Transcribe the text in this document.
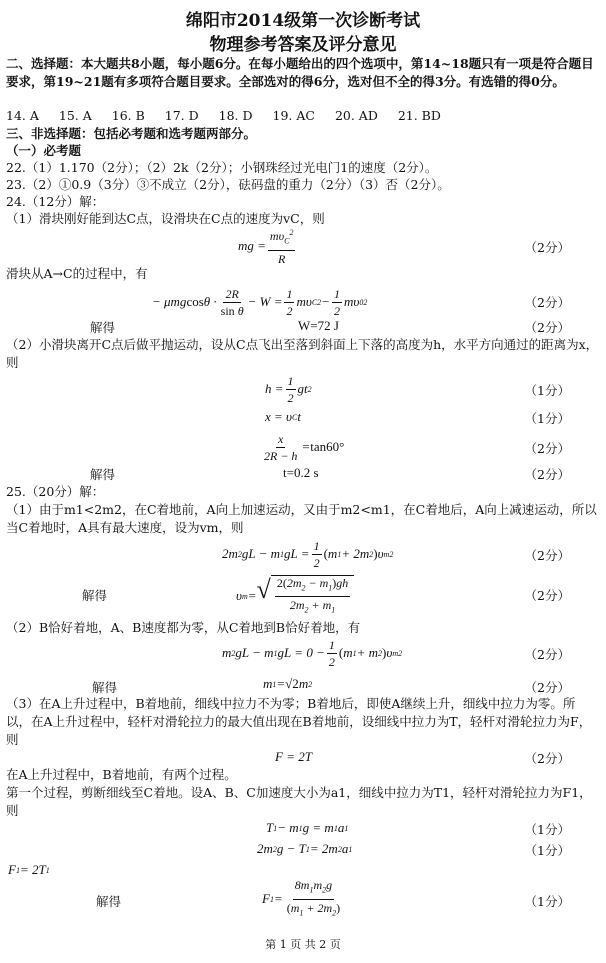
绵阳市2014级第一次诊断考试
物理参考答案及评分意见
二、选择题：本大题共8小题，每小题6分。在每小题给出的四个选项中，第14~18题只有一项是符合题目要求，第19~21题有多项符合题目要求。全部选对的得6分，选对但不全的得3分。有选错的得0分。
14. A 15. A 16. B 17. D 18. D 19. AC 20. AD 21. BD
三、非选择题：包括必考题和选考题两部分。
（一）必考题
22.（1）1.170（2分）；（2）2k（2分）；小钢珠经过光电门1的速度（2分）。
23.（2）①0.9（3分）③不成立（2分），砝码盘的重力（2分）（3）否（2分）。
24.（12分）解：
（1）滑块刚好能到达C点，设滑块在C点的速度为vC，则
mg = $\frac{m\upsilon_C^2}{R}$	（2分）
滑块从A→C的过程中，有
− μmg $\cos \theta \cdot \frac{2R}{\text{sin θ}} - W = \frac{1}{2}$ mυ C $2 - \frac{1}{2}$ mυ 0 2	（2分）
解得	W=72 J	（2分）
（2）小滑块离开C点后做平抛运动，设从C点飞出至落到斜面上下落的高度为h，水平方向通过的距离为x，则
$h = \frac{1}{2}$ gt 2	（1分）
x = υ C t	（1分）
$\frac{x}{2R - h} = \tan 60^\circ$	（2分）
解得	t=0.2 s	（2分）
25.（20分）解：
（1）由于m1<2m2，在C着地前，A向上加速运动，又由于m2<m1，在C着地后，A向上减速运动，所以当C着地时，A具有最大速度，设为vm，则
2m 2 gL − m 1 gL = $\frac{1}{2}$ ( m 1 + 2m 2 ) υ m 2	（2分）
解得	υ m = √ $\frac{2(2m_2 - m_1)gh}{2m_2 + m_1}$	（2分）
（2）B恰好着地，A、B速度都为零，从C着地到B恰好着地，有
m 2 gL − m 1 gL = $0 - \frac{1}{2}$ ( m 1 + m 2 ) υ m 2	（2分）
解得	m 1 = √2 m 2	（2分）
（3）在A上升过程中，B着地前，细线中拉力不为零；B着地后，即使A继续上升，细线中拉力为零。所以，在A上升过程中，轻杆对滑轮拉力的最大值出现在B着地前，设细线中拉力为T，轻杆对滑轮拉力为F，则
F = 2T	（2分）
在A上升过程中，B着地前，有两个过程。
第一个过程，剪断细线至C着地。设A、B、C加速度大小为a1，细线中拉力为T1，轻杆对滑轮拉力为F1，则
T 1 − m 1 g = m 1 a 1	（1分）
2m 2 g − T 1 = 2m 2 a 1	（1分）
F 1 = 2T 1
解得	F $1 = \frac{8m_1m_2g}{(m_1 + 2m_2)}$	（1分）
第 1 页 共 2 页
